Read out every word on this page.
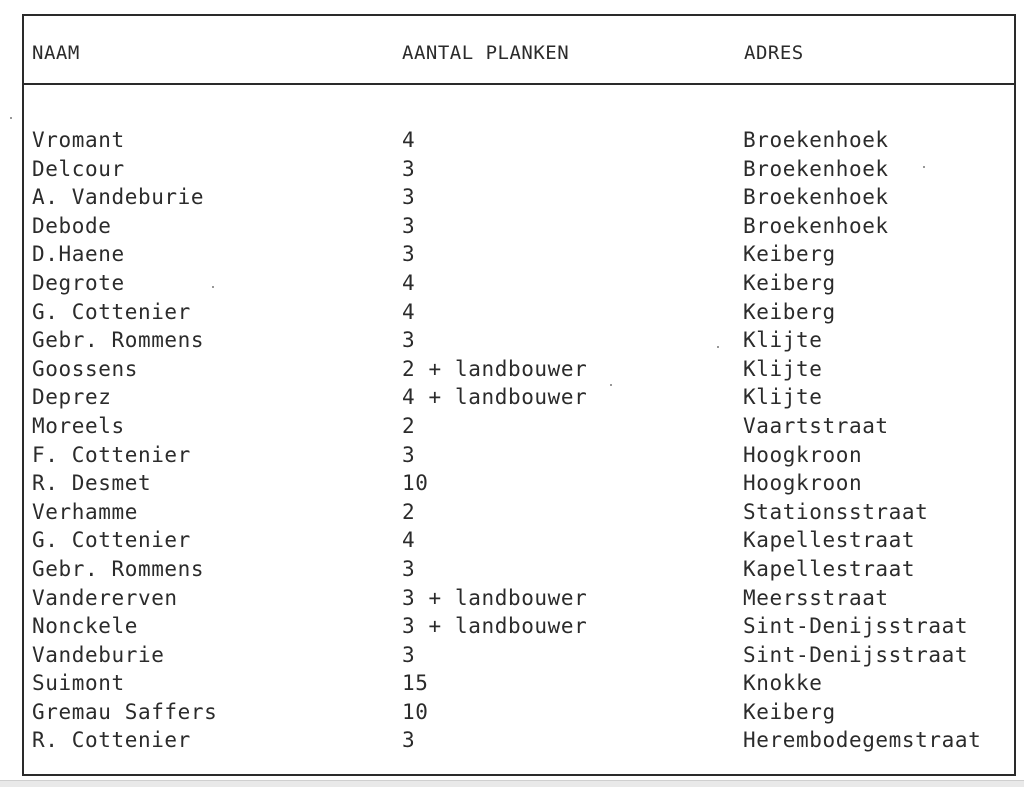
NAAM	AANTAL PLANKEN	ADRES
Vromant	4	Broekenhoek
Delcour	3	Broekenhoek
A. Vandeburie	3	Broekenhoek
Debode	3	Broekenhoek
D.Haene	3	Keiberg
Degrote	4	Keiberg
G. Cottenier	4	Keiberg
Gebr. Rommens	3	Klijte
Goossens	2 + landbouwer	Klijte
Deprez	4 + landbouwer	Klijte
Moreels	2	Vaartstraat
F. Cottenier	3	Hoogkroon
R. Desmet	10	Hoogkroon
Verhamme	2	Stationsstraat
G. Cottenier	4	Kapellestraat
Gebr. Rommens	3	Kapellestraat
Vandererven	3 + landbouwer	Meersstraat
Nonckele	3 + landbouwer	Sint-Denijsstraat
Vandeburie	3	Sint-Denijsstraat
Suimont	15	Knokke
Gremau Saffers	10	Keiberg
R. Cottenier	3	Herembodegemstraat
